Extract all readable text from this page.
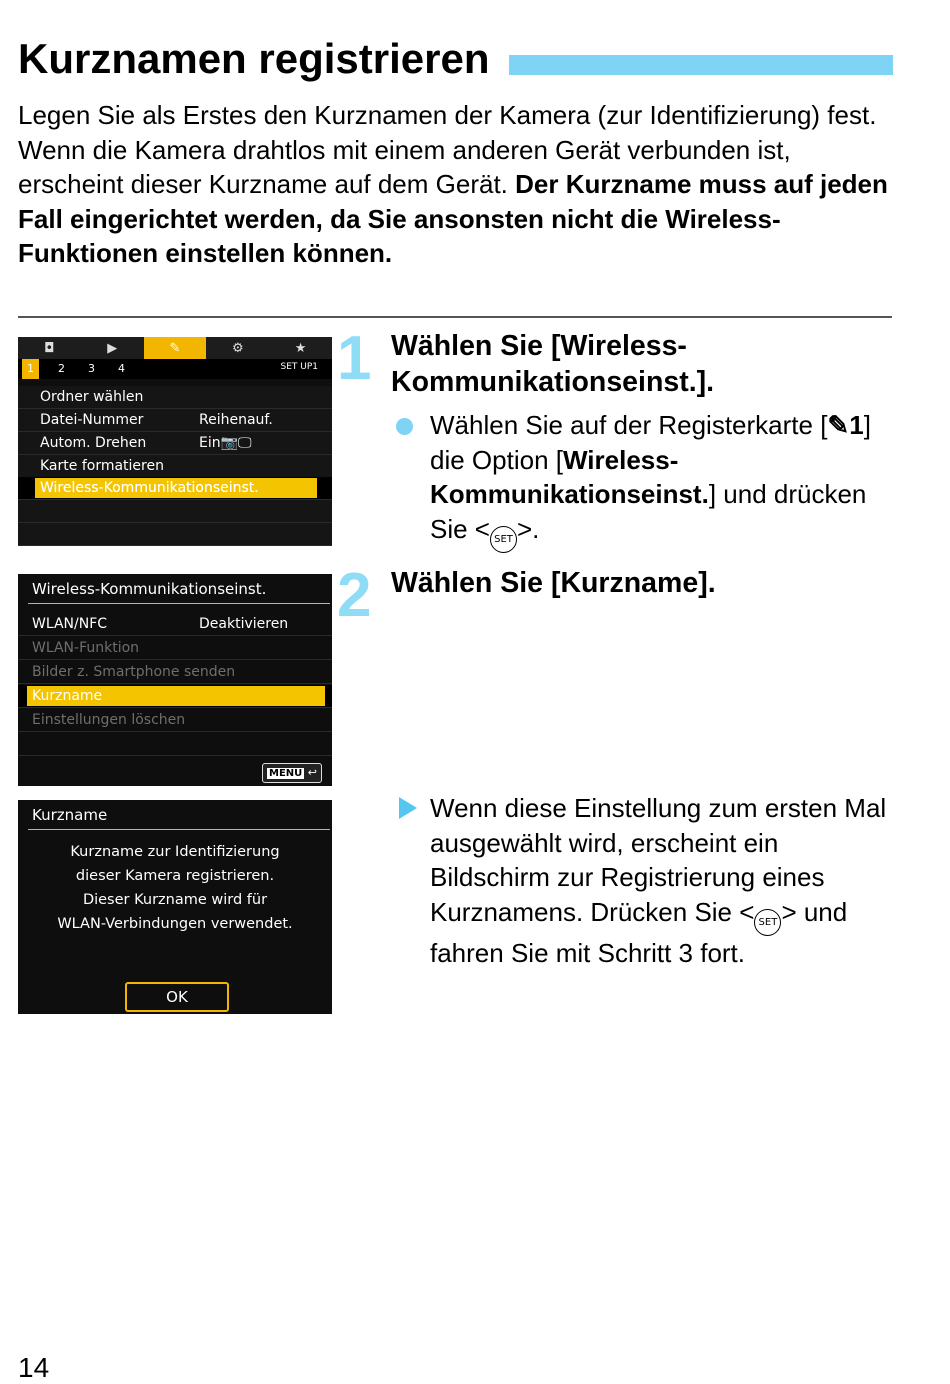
Kurznamen registrieren

Legen Sie als Erstes den Kurznamen der Kamera (zur Identifizierung) fest.

Wenn die Kamera drahtlos mit einem anderen Gerät verbunden ist, erscheint dieser Kurzname auf dem Gerät. Der Kurzname muss auf jeden Fall eingerichtet werden, da Sie ansonsten nicht die Wireless-Funktionen einstellen können.

◘	▶	✎	⚙	★
1	2 3 4	SET UP1
Ordner wählen
Datei-Nummer	Reihenauf.
Autom. Drehen	Ein📷🖵
Karte formatieren
Wireless-Kommunikationseinst.
Wireless-Kommunikationseinst.
WLAN/NFC	Deaktivieren
WLAN-Funktion
Bilder z. Smartphone senden
Kurzname
Einstellungen löschen
MENU ↩
Kurzname
Kurzname zur Identifizierung
dieser Kamera registrieren.
Dieser Kurzname wird für
WLAN-Verbindungen verwendet.
OK
1 Wählen Sie [Wireless-Kommunikationseinst.].
Wählen Sie auf der Registerkarte [✎1] die Option [Wireless-Kommunikationseinst.] und drücken Sie < SET >.
2 Wählen Sie [Kurzname].
Wenn diese Einstellung zum ersten Mal ausgewählt wird, erscheint ein Bildschirm zur Registrierung eines Kurznamens. Drücken Sie < SET > und fahren Sie mit Schritt 3 fort.
14
